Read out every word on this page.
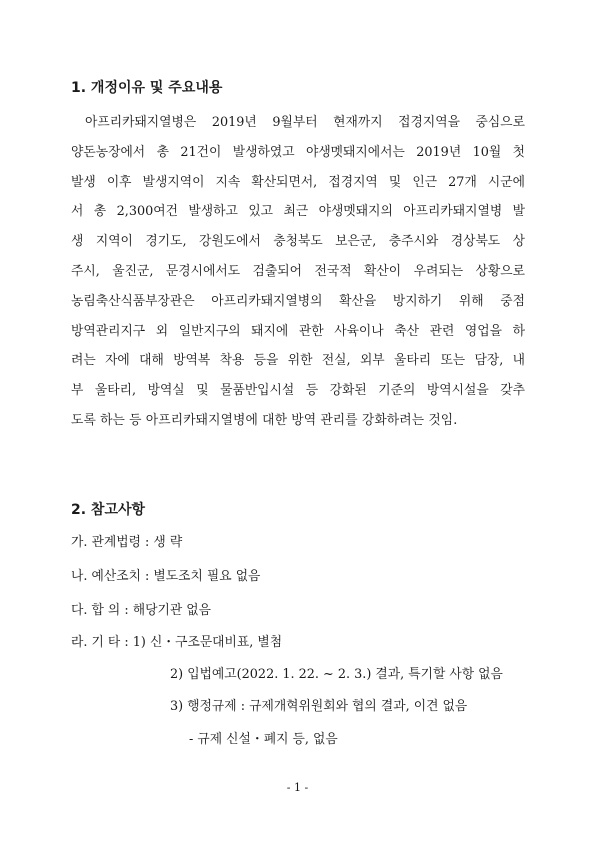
1. 개정이유 및 주요내용
아프리카돼지열병은 2019년 9월부터 현재까지 접경지역을 중심으로
양돈농장에서 총 21건이 발생하였고 야생멧돼지에서는 2019년 10월 첫
발생 이후 발생지역이 지속 확산되면서, 접경지역 및 인근 27개 시군에
서 총 2,300여건 발생하고 있고 최근 야생멧돼지의 아프리카돼지열병 발
생 지역이 경기도, 강원도에서 충청북도 보은군, 충주시와 경상북도 상
주시, 울진군, 문경시에서도 검출되어 전국적 확산이 우려되는 상황으로
농림축산식품부장관은 아프리카돼지열병의 확산을 방지하기 위해 중점
방역관리지구 외 일반지구의 돼지에 관한 사육이나 축산 관련 영업을 하
려는 자에 대해 방역복 착용 등을 위한 전실, 외부 울타리 또는 담장, 내
부 울타리, 방역실 및 물품반입시설 등 강화된 기준의 방역시설을 갖추
도록 하는 등 아프리카돼지열병에 대한 방역 관리를 강화하려는 것임.
2. 참고사항
가. 관계법령 : 생 략
나. 예산조치 : 별도조치 필요 없음
다. 합 의 : 해당기관 없음
라. 기 타 : 1) 신・구조문대비표, 별첨
2) 입법예고(2022. 1. 22. ~ 2. 3.) 결과, 특기할 사항 없음
3) 행정규제 : 규제개혁위원회와 협의 결과, 이견 없음
- 규제 신설・폐지 등, 없음
- 1 -
